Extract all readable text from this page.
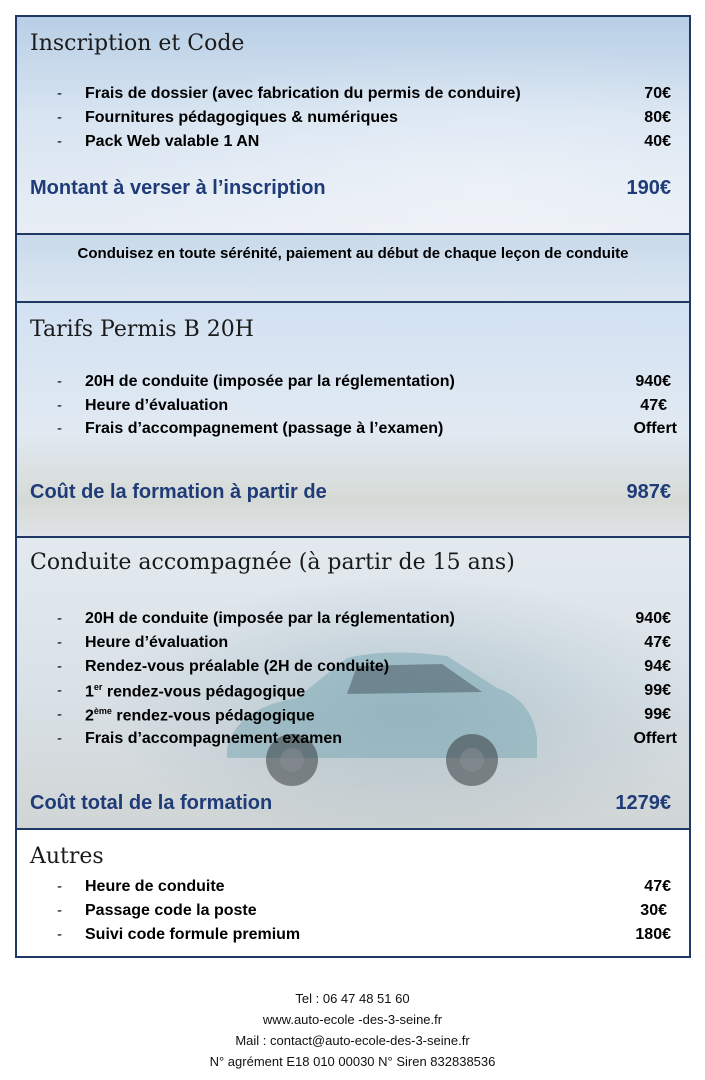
Inscription et Code
- Frais de dossier (avec fabrication du permis de conduire)	70€
- Fournitures pédagogiques & numériques	80€
- Pack Web valable 1 AN	40€
Montant à verser à l’inscription	190€
Conduisez en toute sérénité, paiement au début de chaque leçon de conduite
Tarifs Permis B 20H
- 20H de conduite (imposée par la réglementation)	940€
- Heure d’évaluation	47€
- Frais d’accompagnement (passage à l’examen)	Offert
Coût de la formation à partir de	987€
Conduite accompagnée (à partir de 15 ans)
- 20H de conduite (imposée par la réglementation)	940€
- Heure d’évaluation	47€
- Rendez-vous préalable (2H de conduite)	94€
- 1er rendez-vous pédagogique	99€
- 2ème rendez-vous pédagogique	99€
- Frais d’accompagnement examen	Offert
Coût total de la formation	1279€
Autres
- Heure de conduite	47€
- Passage code la poste	30€
- Suivi code formule premium	180€
Tel : 06 47 48 51 60
www.auto-ecole -des-3-seine.fr
Mail : contact@auto-ecole-des-3-seine.fr
N° agrément E18 010 00030 N° Siren 832838536
